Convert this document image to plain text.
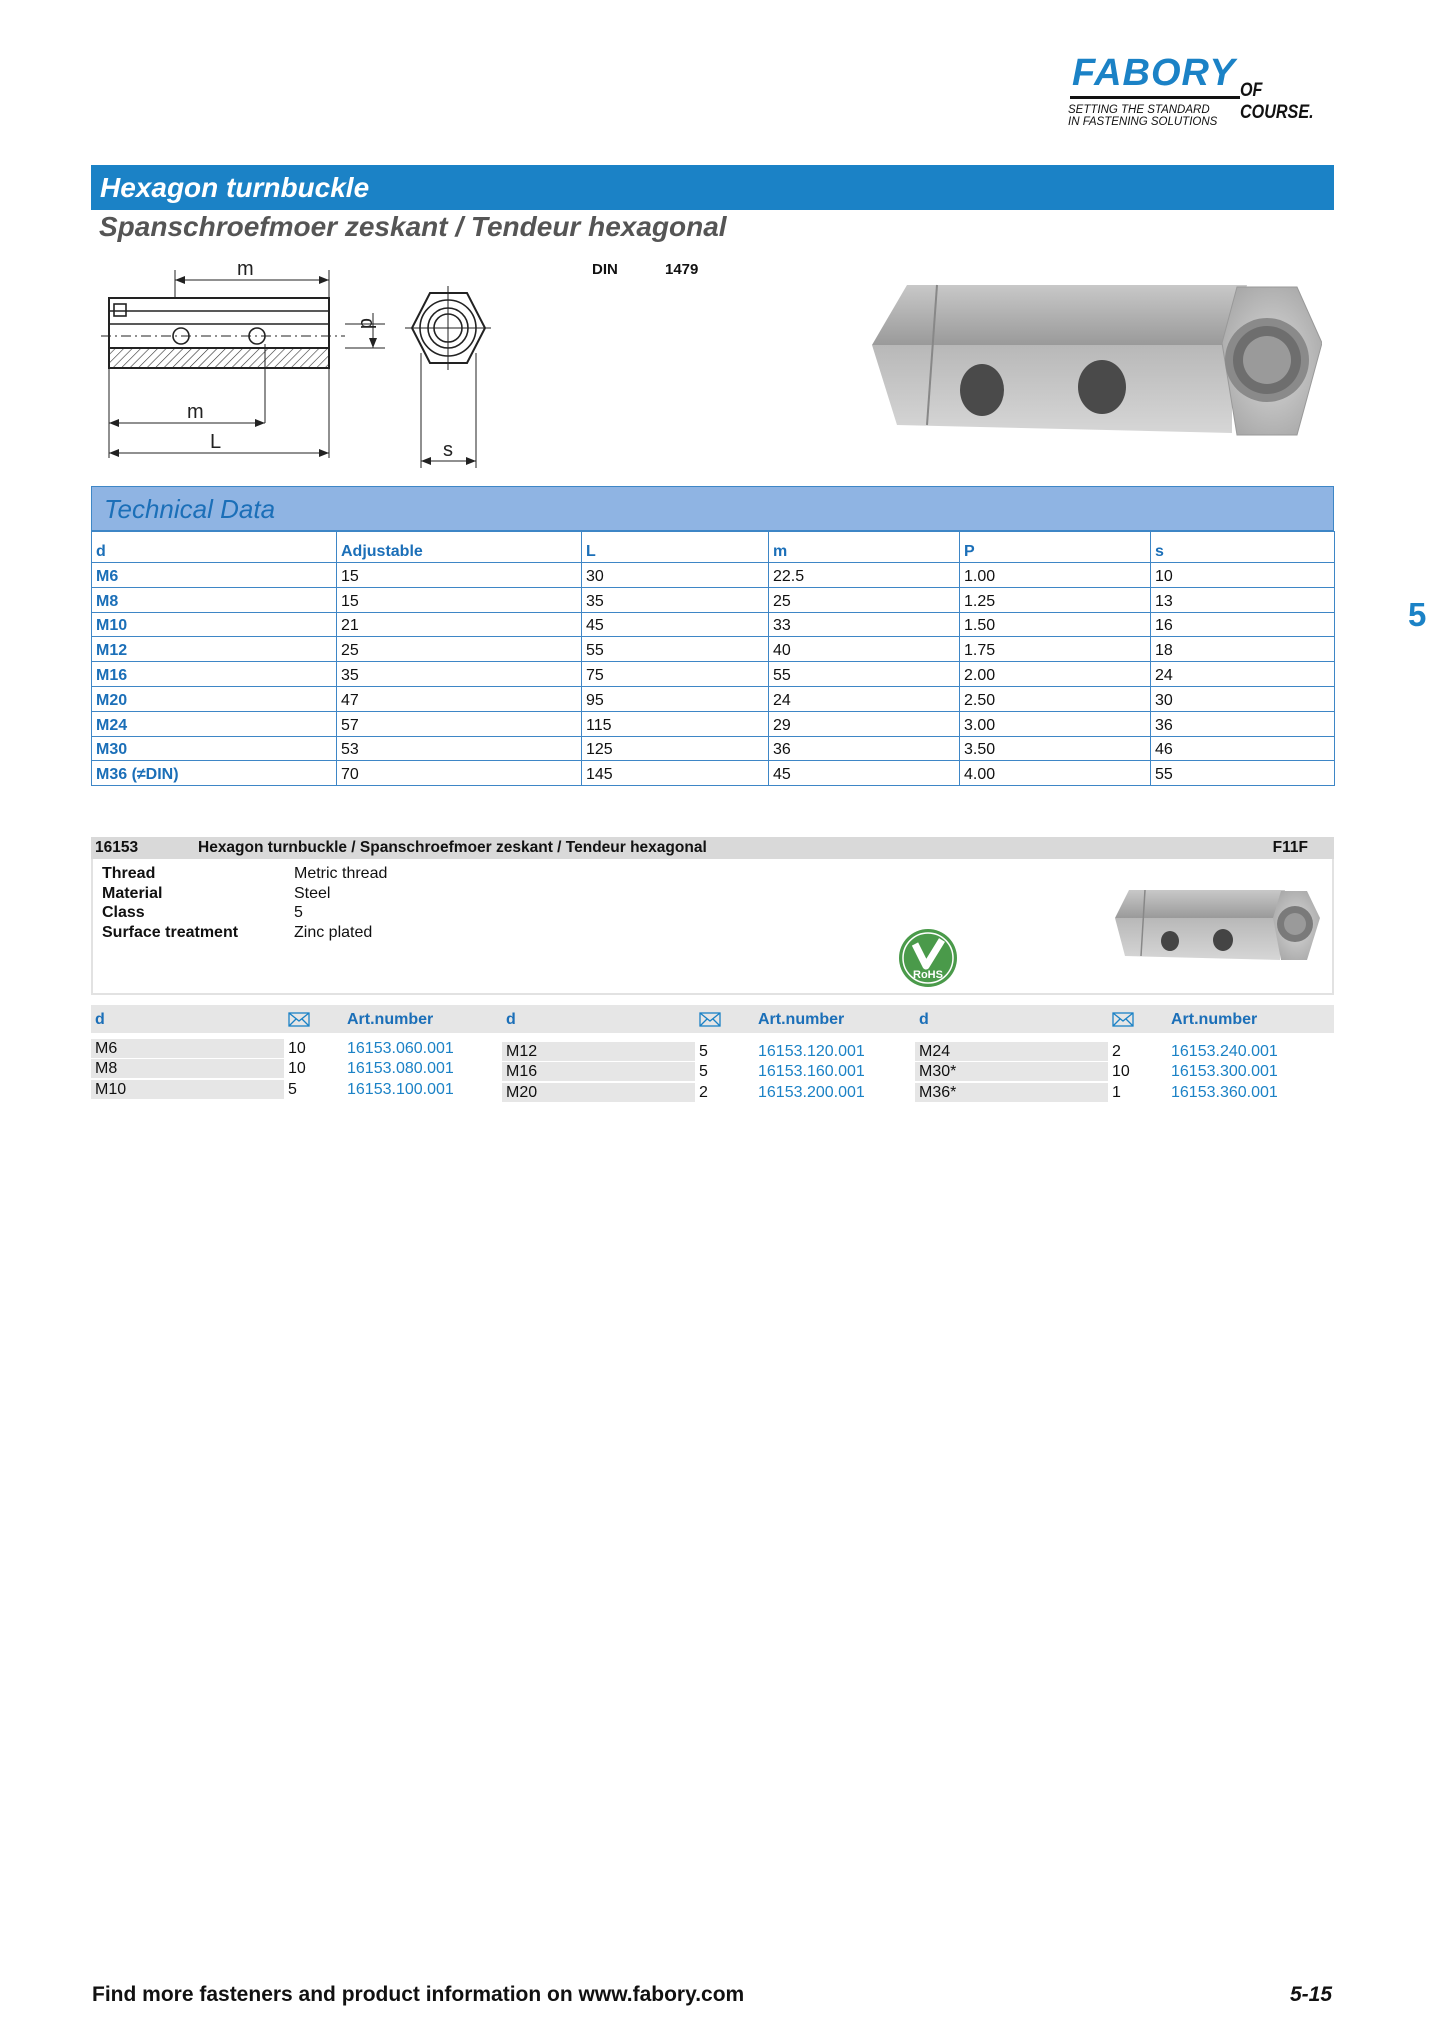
FABORY OF COURSE.
SETTING THE STANDARD
IN FASTENING SOLUTIONS
Hexagon turnbuckle
Spanschroefmoer zeskant / Tendeur hexagonal
DIN	1479
m
m
L
d
s
Technical Data
d	Adjustable	L	m	P	s
M6	15	30	22.5	1.00	10
M8	15	35	25	1.25	13
M10	21	45	33	1.50	16
M12	25	55	40	1.75	18
M16	35	75	55	2.00	24
M20	47	95	24	2.50	30
M24	57	115	29	3.00	36
M30	53	125	36	3.50	46
M36 (≠DIN)	70	145	45	4.00	55
5
16153	Hexagon turnbuckle / Spanschroefmoer zeskant / Tendeur hexagonal	F11F
Thread	Metric thread
Material	Steel
Class	5
Surface treatment	Zinc plated
RoHS
d	Art.number	d	Art.number	d	Art.number
M6	10	16153.060.001
M8	10	16153.080.001
M10	5	16153.100.001
M12	5	16153.120.001
M16	5	16153.160.001
M20	2	16153.200.001
M24	2	16153.240.001
M30*	10	16153.300.001
M36*	1	16153.360.001
Find more fasteners and product information on www.fabory.com	5-15
